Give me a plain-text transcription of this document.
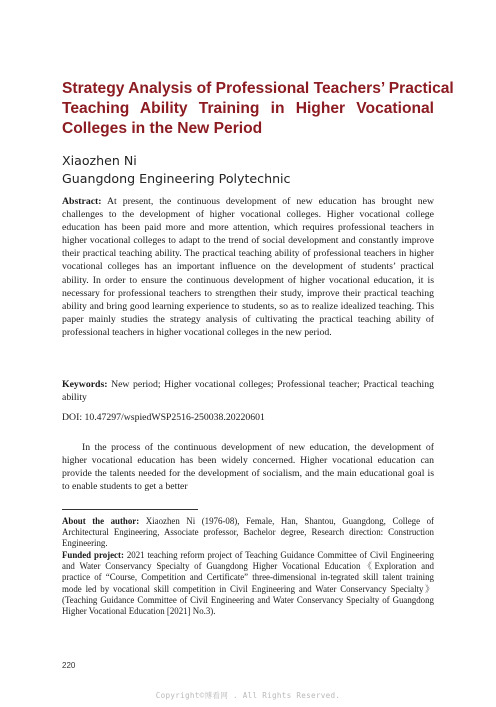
Strategy Analysis of Professional Teachers’ Practical
Teaching Ability Training in Higher Vocational
Colleges in the New Period
Xiaozhen Ni
Guangdong Engineering Polytechnic

Abstract: At present, the continuous development of new education has brought new challenges to the development of higher vocational colleges. Higher vocational college education has been paid more and more attention, which requires professional teachers in higher vocational colleges to adapt to the trend of social development and constantly improve their practical teaching ability. The practical teaching ability of professional teachers in higher vocational colleges has an important influence on the development of students’ practical ability. In order to ensure the continuous development of higher vocational education, it is necessary for professional teachers to strengthen their study, improve their practical teaching ability and bring good learning experience to students, so as to realize idealized teaching. This paper mainly studies the strategy analysis of cultivating the practical teaching ability of professional teachers in higher vocational colleges in the new period.

Keywords: New period; Higher vocational colleges; Professional teacher; Practical teaching ability

DOI: 10.47297/wspiedWSP2516-250038.20220601

In the process of the continuous development of new education, the development of higher vocational education has been widely concerned. Higher vocational education can provide the talents needed for the development of socialism, and the main educational goal is to enable students to get a better

About the author: Xiaozhen Ni (1976-08), Female, Han, Shantou, Guangdong, College of Architectural Engineering, Associate professor, Bachelor degree, Research direction: Construction Engineering.

Funded project: 2021 teaching reform project of Teaching Guidance Committee of Civil Engineering and Water Conservancy Specialty of Guangdong Higher Vocational Education《Exploration and practice of “Course, Competition and Certificate” three-dimensional in-tegrated skill talent training mode led by vocational skill competition in Civil Engineering and Water Conservancy Specialty》(Teaching Guidance Committee of Civil Engineering and Water Conservancy Specialty of Guangdong Higher Vocational Education [2021] No.3).

220
Copyright©博看网 . All Rights Reserved.
